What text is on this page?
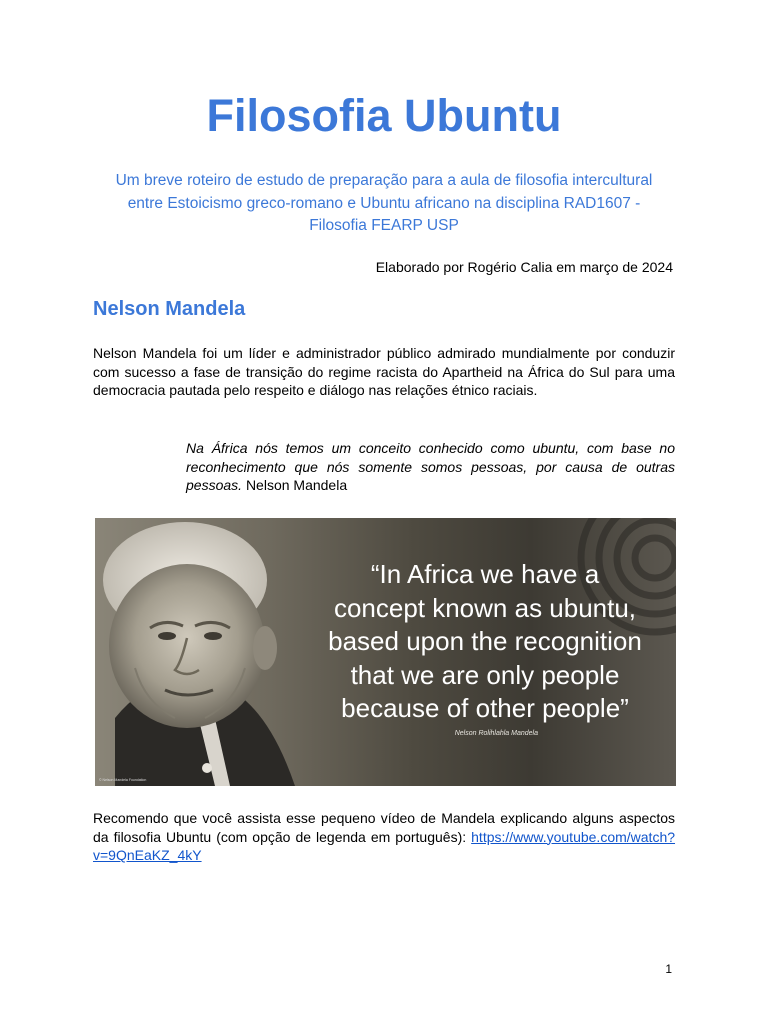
Filosofia Ubuntu

Um breve roteiro de estudo de preparação para a aula de filosofia intercultural entre Estoicismo greco-romano e Ubuntu africano na disciplina RAD1607 - Filosofia FEARP USP

Elaborado por Rogério Calia em março de 2024

Nelson Mandela

Nelson Mandela foi um líder e administrador público admirado mundialmente por conduzir com sucesso a fase de transição do regime racista do Apartheid na África do Sul para uma democracia pautada pelo respeito e diálogo nas relações étnico raciais.

Na África nós temos um conceito conhecido como ubuntu, com base no reconhecimento que nós somente somos pessoas, por causa de outras pessoas. Nelson Mandela

“In Africa we have a
concept known as ubuntu,
based upon the recognition
that we are only people
because of other people”

Nelson Rolihlahla Mandela

© Nelson Mandela Foundation

Recomendo que você assista esse pequeno vídeo de Mandela explicando alguns aspectos da filosofia Ubuntu (com opção de legenda em português): https://www.youtube.com/watch?v=9QnEaKZ_4kY

1
